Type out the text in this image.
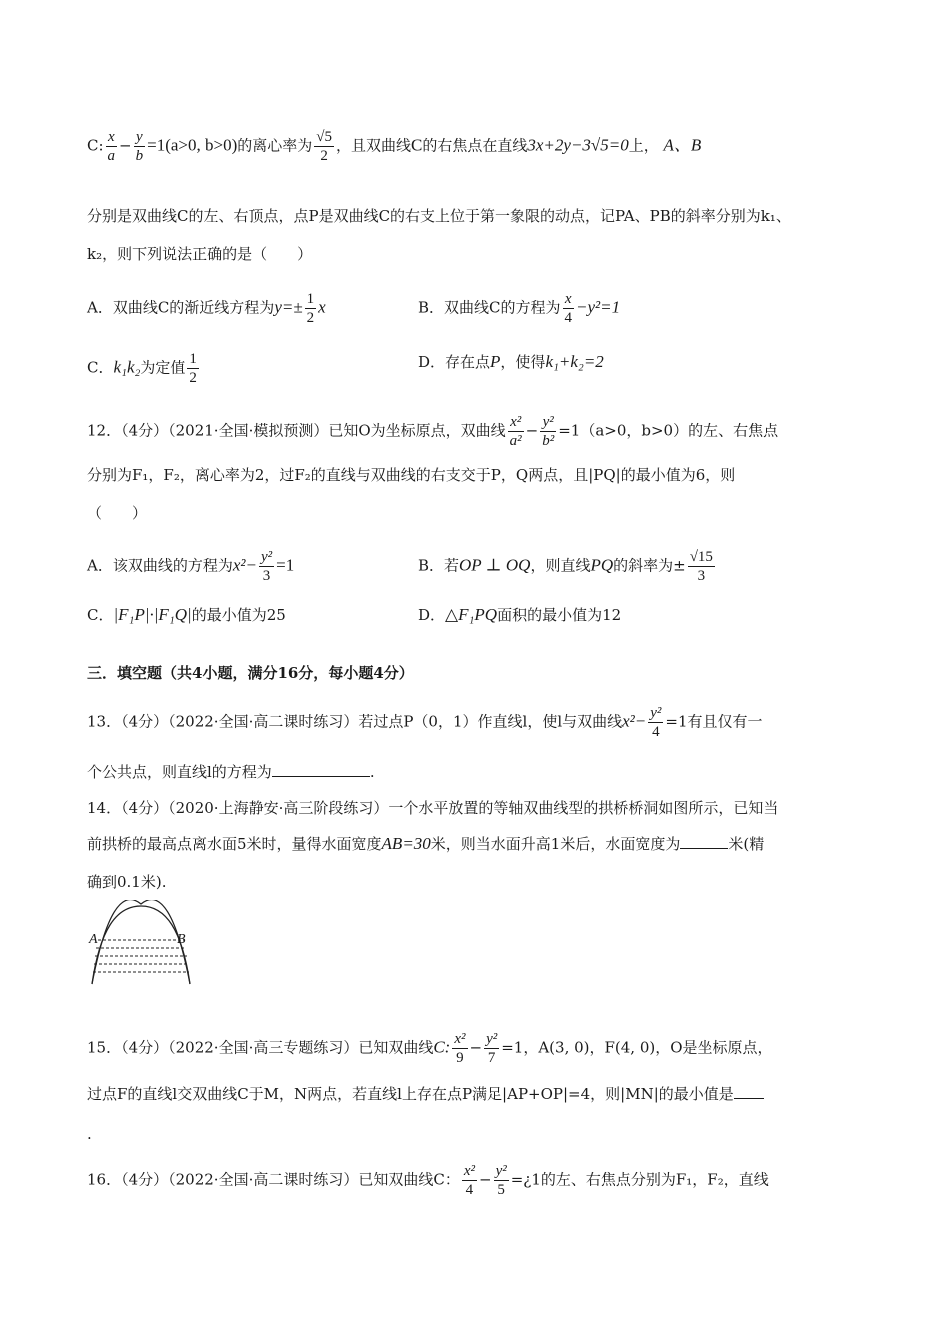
C: $\frac{x}{a} - \frac{y}{b} =1(a>0$, b>0)的离心率为 $\frac{√5}{2}$ ，且双曲线C的右焦点在直线3x+2y−3√5=0上， A、B
分别是双曲线C的左、右顶点，点P是双曲线C的右支上位于第一象限的动点，记PA、PB的斜率分别为k₁、
k₂，则下列说法正确的是（　　）
A．双曲线C的渐近线方程为$y=\pm \frac{1}{2}$ x	B．双曲线C的方程为 $\frac{x}{4} -y^2=1$
C．k₁k₂为定值 $\frac{1}{2}$	D．存在点P，使得k₁+k₂=2
12．（4分）（2021·全国·模拟预测）已知O为坐标原点，双曲线 $\frac{\text{x²}}{\text{a²}} - \frac{\text{y²}}{\text{b²}} =1(a>0$，b>0）的左、右焦点
分别为F₁，F₂，离心率为2，过F₂的直线与双曲线的右支交于P，Q两点，且|PQ|的最小值为6，则
（　　）
A．该双曲线的方程为$x^2- \frac{\text{y²}}{3} =1$	B．若OP ⊥ OQ，则直线PQ的斜率为± $\frac{√15}{3}$
C．|F₁P|·|F₁Q|的最小值为25	D．△F₁PQ面积的最小值为12
三．填空题（共4小题，满分16分，每小题4分）
13．（4分）（2022·全国·高二课时练习）若过点P（0，1）作直线l，使l与双曲线$x^2- \frac{\text{y²}}{4} =1$有且仅有一
个公共点，则直线l的方程为	.
14．（4分）（2020·上海静安·高三阶段练习）一个水平放置的等轴双曲线型的拱桥桥洞如图所示，已知当
前拱桥的最高点离水面5米时，量得水面宽度AB=30米，则当水面升高1米后，水面宽度为	米(精
确到0.1米).
A	B
15．（4分）（2022·全国·高三专题练习）已知双曲线C: $\frac{\text{x²}}{9} - \frac{\text{y²}}{7} =1$，A(3, 0)，F(4, 0)，O是坐标原点，
过点F的直线l交双曲线C于M，N两点，若直线l上存在点P满足|AP+OP|=4，则|MN|的最小值是
.
16．（4分）（2022·全国·高二课时练习）已知双曲线C： $\frac{\text{x²}}{4} - \frac{\text{y²}}{5}$ =¿1的左、右焦点分别为F₁，F₂，直线
